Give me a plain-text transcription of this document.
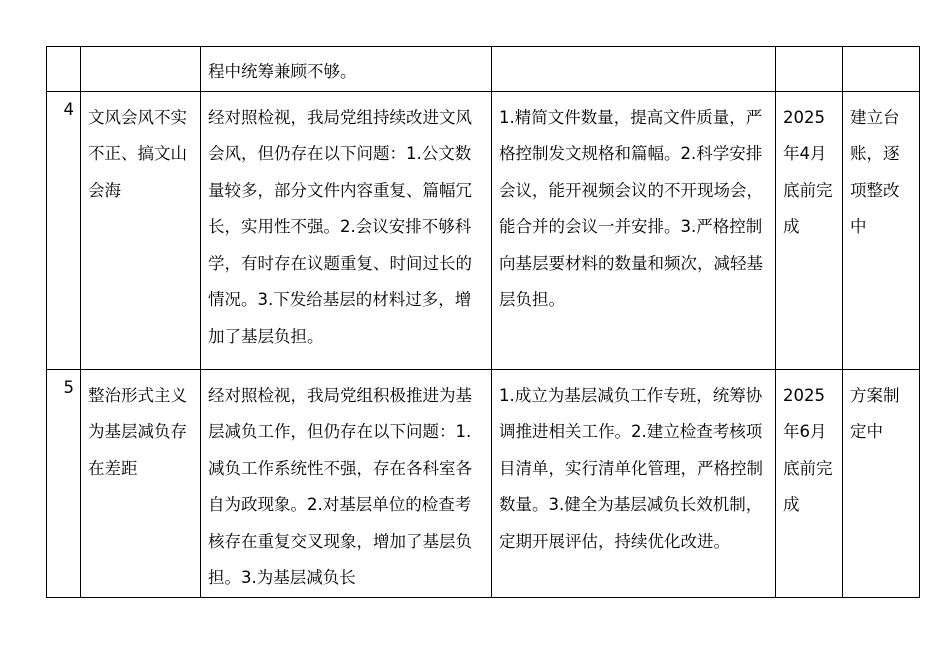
		程中统筹兼顾不够。			
4	文风会风不实不正、搞文山会海	经对照检视，我局党组持续改进文风会风，但仍存在以下问题：1.公文数量较多，部分文件内容重复、篇幅冗长，实用性不强。2.会议安排不够科学，有时存在议题重复、时间过长的情况。3.下发给基层的材料过多，增加了基层负担。	1.精简文件数量，提高文件质量，严格控制发文规格和篇幅。2.科学安排会议，能开视频会议的不开现场会，能合并的会议一并安排。3.严格控制向基层要材料的数量和频次，减轻基层负担。	2025年4月底前完成	建立台账，逐项整改中
5	整治形式主义为基层减负存在差距	经对照检视，我局党组积极推进为基层减负工作，但仍存在以下问题：1.减负工作系统性不强，存在各科室各自为政现象。2.对基层单位的检查考核存在重复交叉现象，增加了基层负担。3.为基层减负长	1.成立为基层减负工作专班，统筹协调推进相关工作。2.建立检查考核项目清单，实行清单化管理，严格控制数量。3.健全为基层减负长效机制，定期开展评估，持续优化改进。	2025年6月底前完成	方案制定中
